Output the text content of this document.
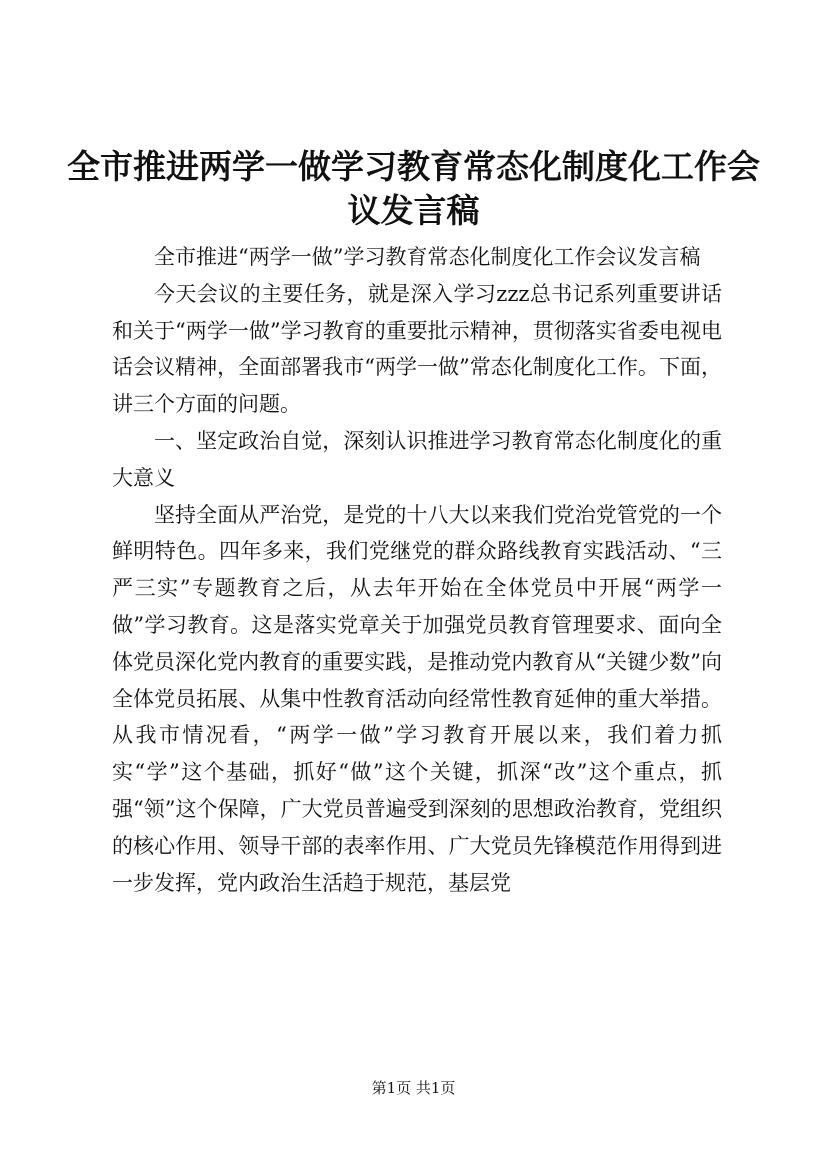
全市推进两学一做学习教育常态化制度化工作会议发言稿

全市推进“两学一做”学习教育常态化制度化工作会议发言稿

今天会议的主要任务，就是深入学习zzz总书记系列重要讲话和关于“两学一做”学习教育的重要批示精神，贯彻落实省委电视电话会议精神，全面部署我市“两学一做”常态化制度化工作。下面，讲三个方面的问题。

一、坚定政治自觉，深刻认识推进学习教育常态化制度化的重大意义

坚持全面从严治党，是党的十八大以来我们党治党管党的一个鲜明特色。四年多来，我们党继党的群众路线教育实践活动、“三严三实”专题教育之后，从去年开始在全体党员中开展“两学一做”学习教育。这是落实党章关于加强党员教育管理要求、面向全体党员深化党内教育的重要实践，是推动党内教育从“关键少数”向全体党员拓展、从集中性教育活动向经常性教育延伸的重大举措。从我市情况看，“两学一做”学习教育开展以来，我们着力抓实“学”这个基础，抓好“做”这个关键，抓深“改”这个重点，抓强“领”这个保障，广大党员普遍受到深刻的思想政治教育，党组织的核心作用、领导干部的表率作用、广大党员先锋模范作用得到进一步发挥，党内政治生活趋于规范，基层党

第1页 共1页
